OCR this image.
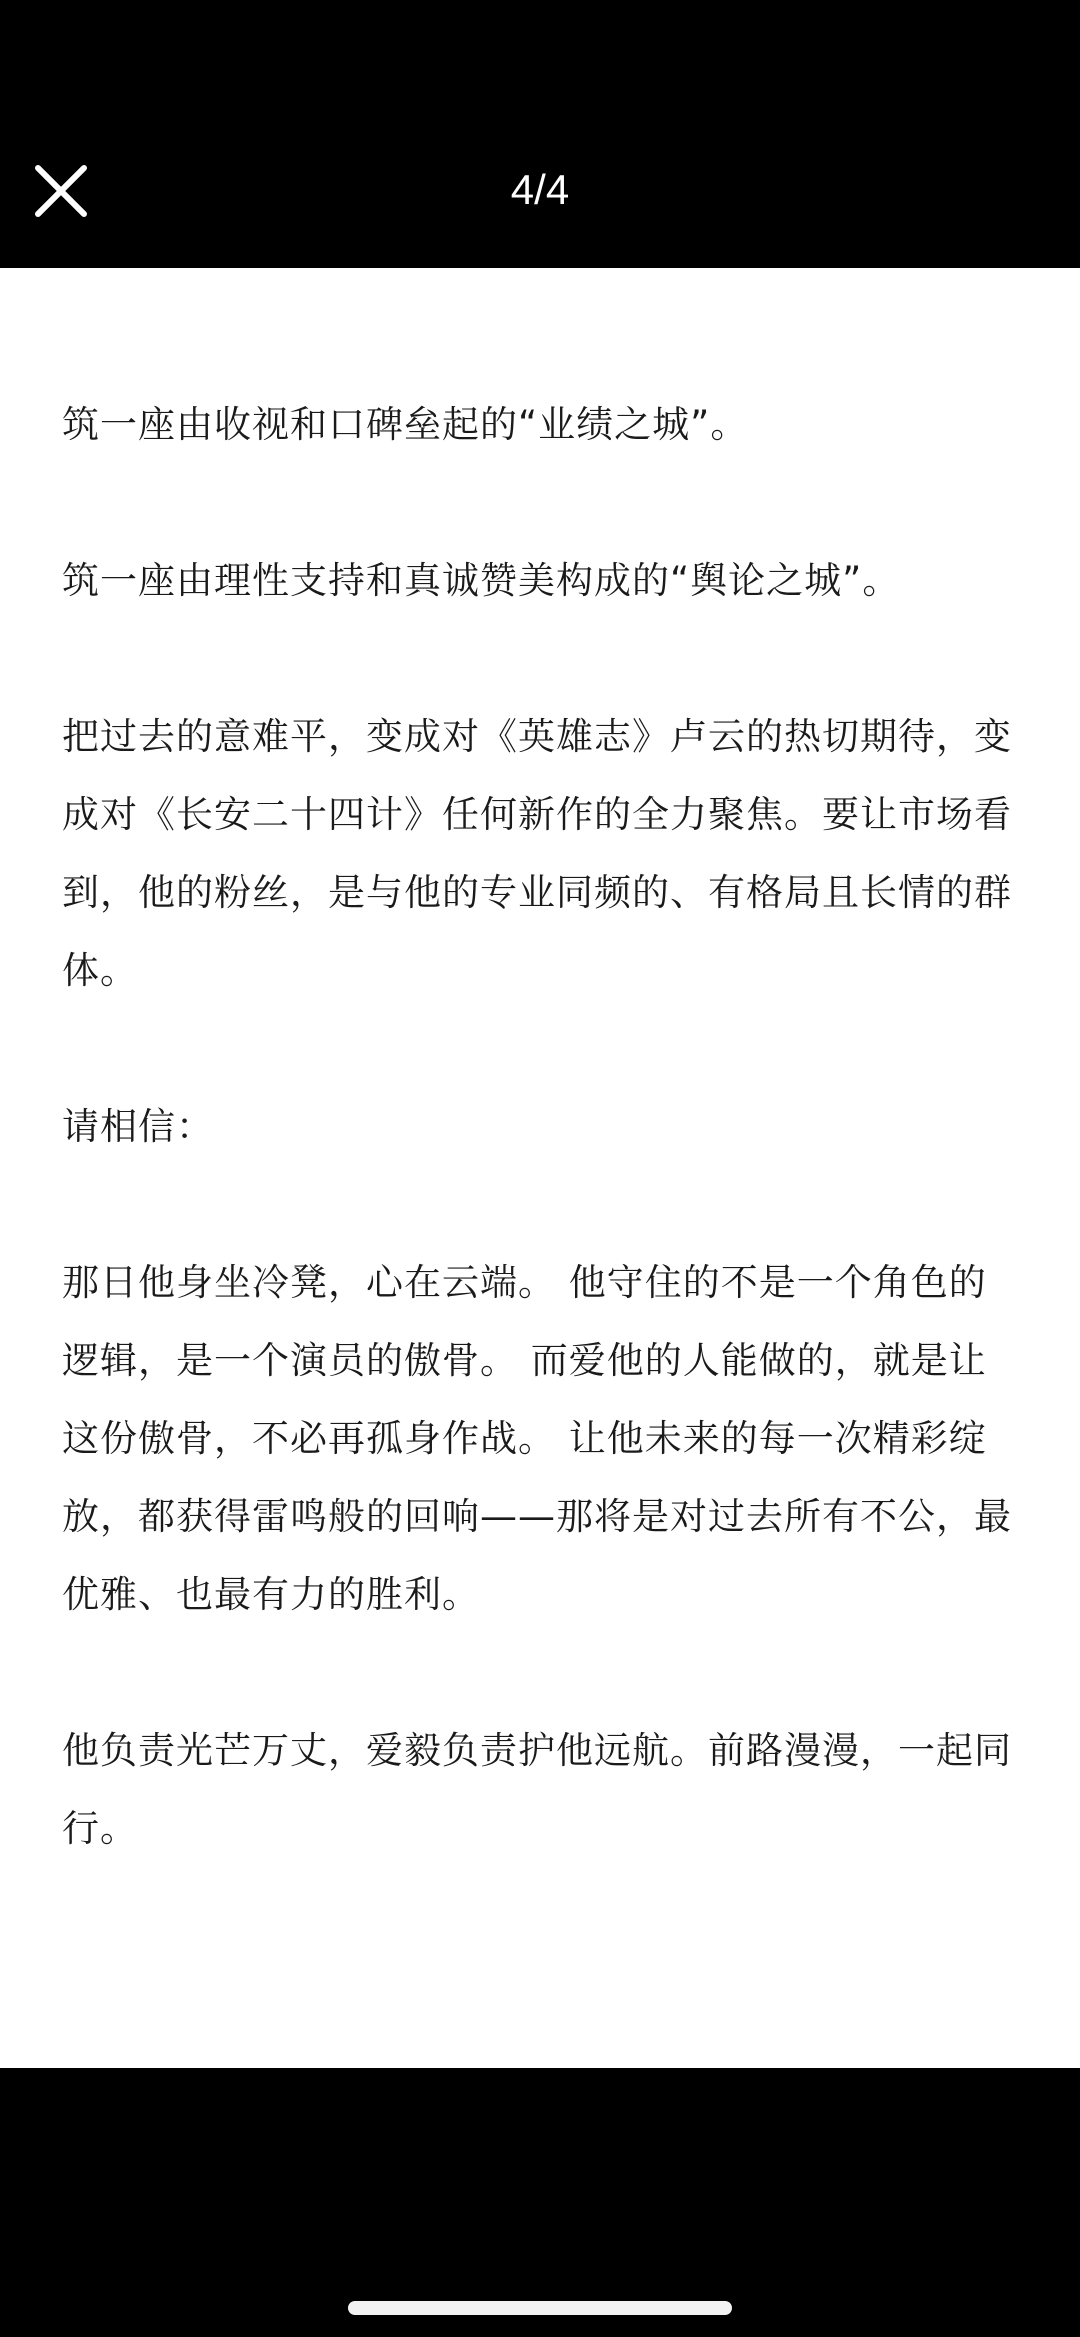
4/4

筑一座由收视和口碑垒起的“业绩之城”。

筑一座由理性支持和真诚赞美构成的“舆论之城”。

把过去的意难平，变成对《英雄志》卢云的热切期待，变成对《长安二十四计》任何新作的全力聚焦。要让市场看到，他的粉丝，是与他的专业同频的、有格局且长情的群体。

请相信：

那日他身坐冷凳，心在云端。 他守住的不是一个角色的逻辑，是一个演员的傲骨。 而爱他的人能做的，就是让这份傲骨，不必再孤身作战。 让他未来的每一次精彩绽放，都获得雷鸣般的回响——那将是对过去所有不公，最优雅、也最有力的胜利。

他负责光芒万丈，爱毅负责护他远航。前路漫漫，一起同行。
